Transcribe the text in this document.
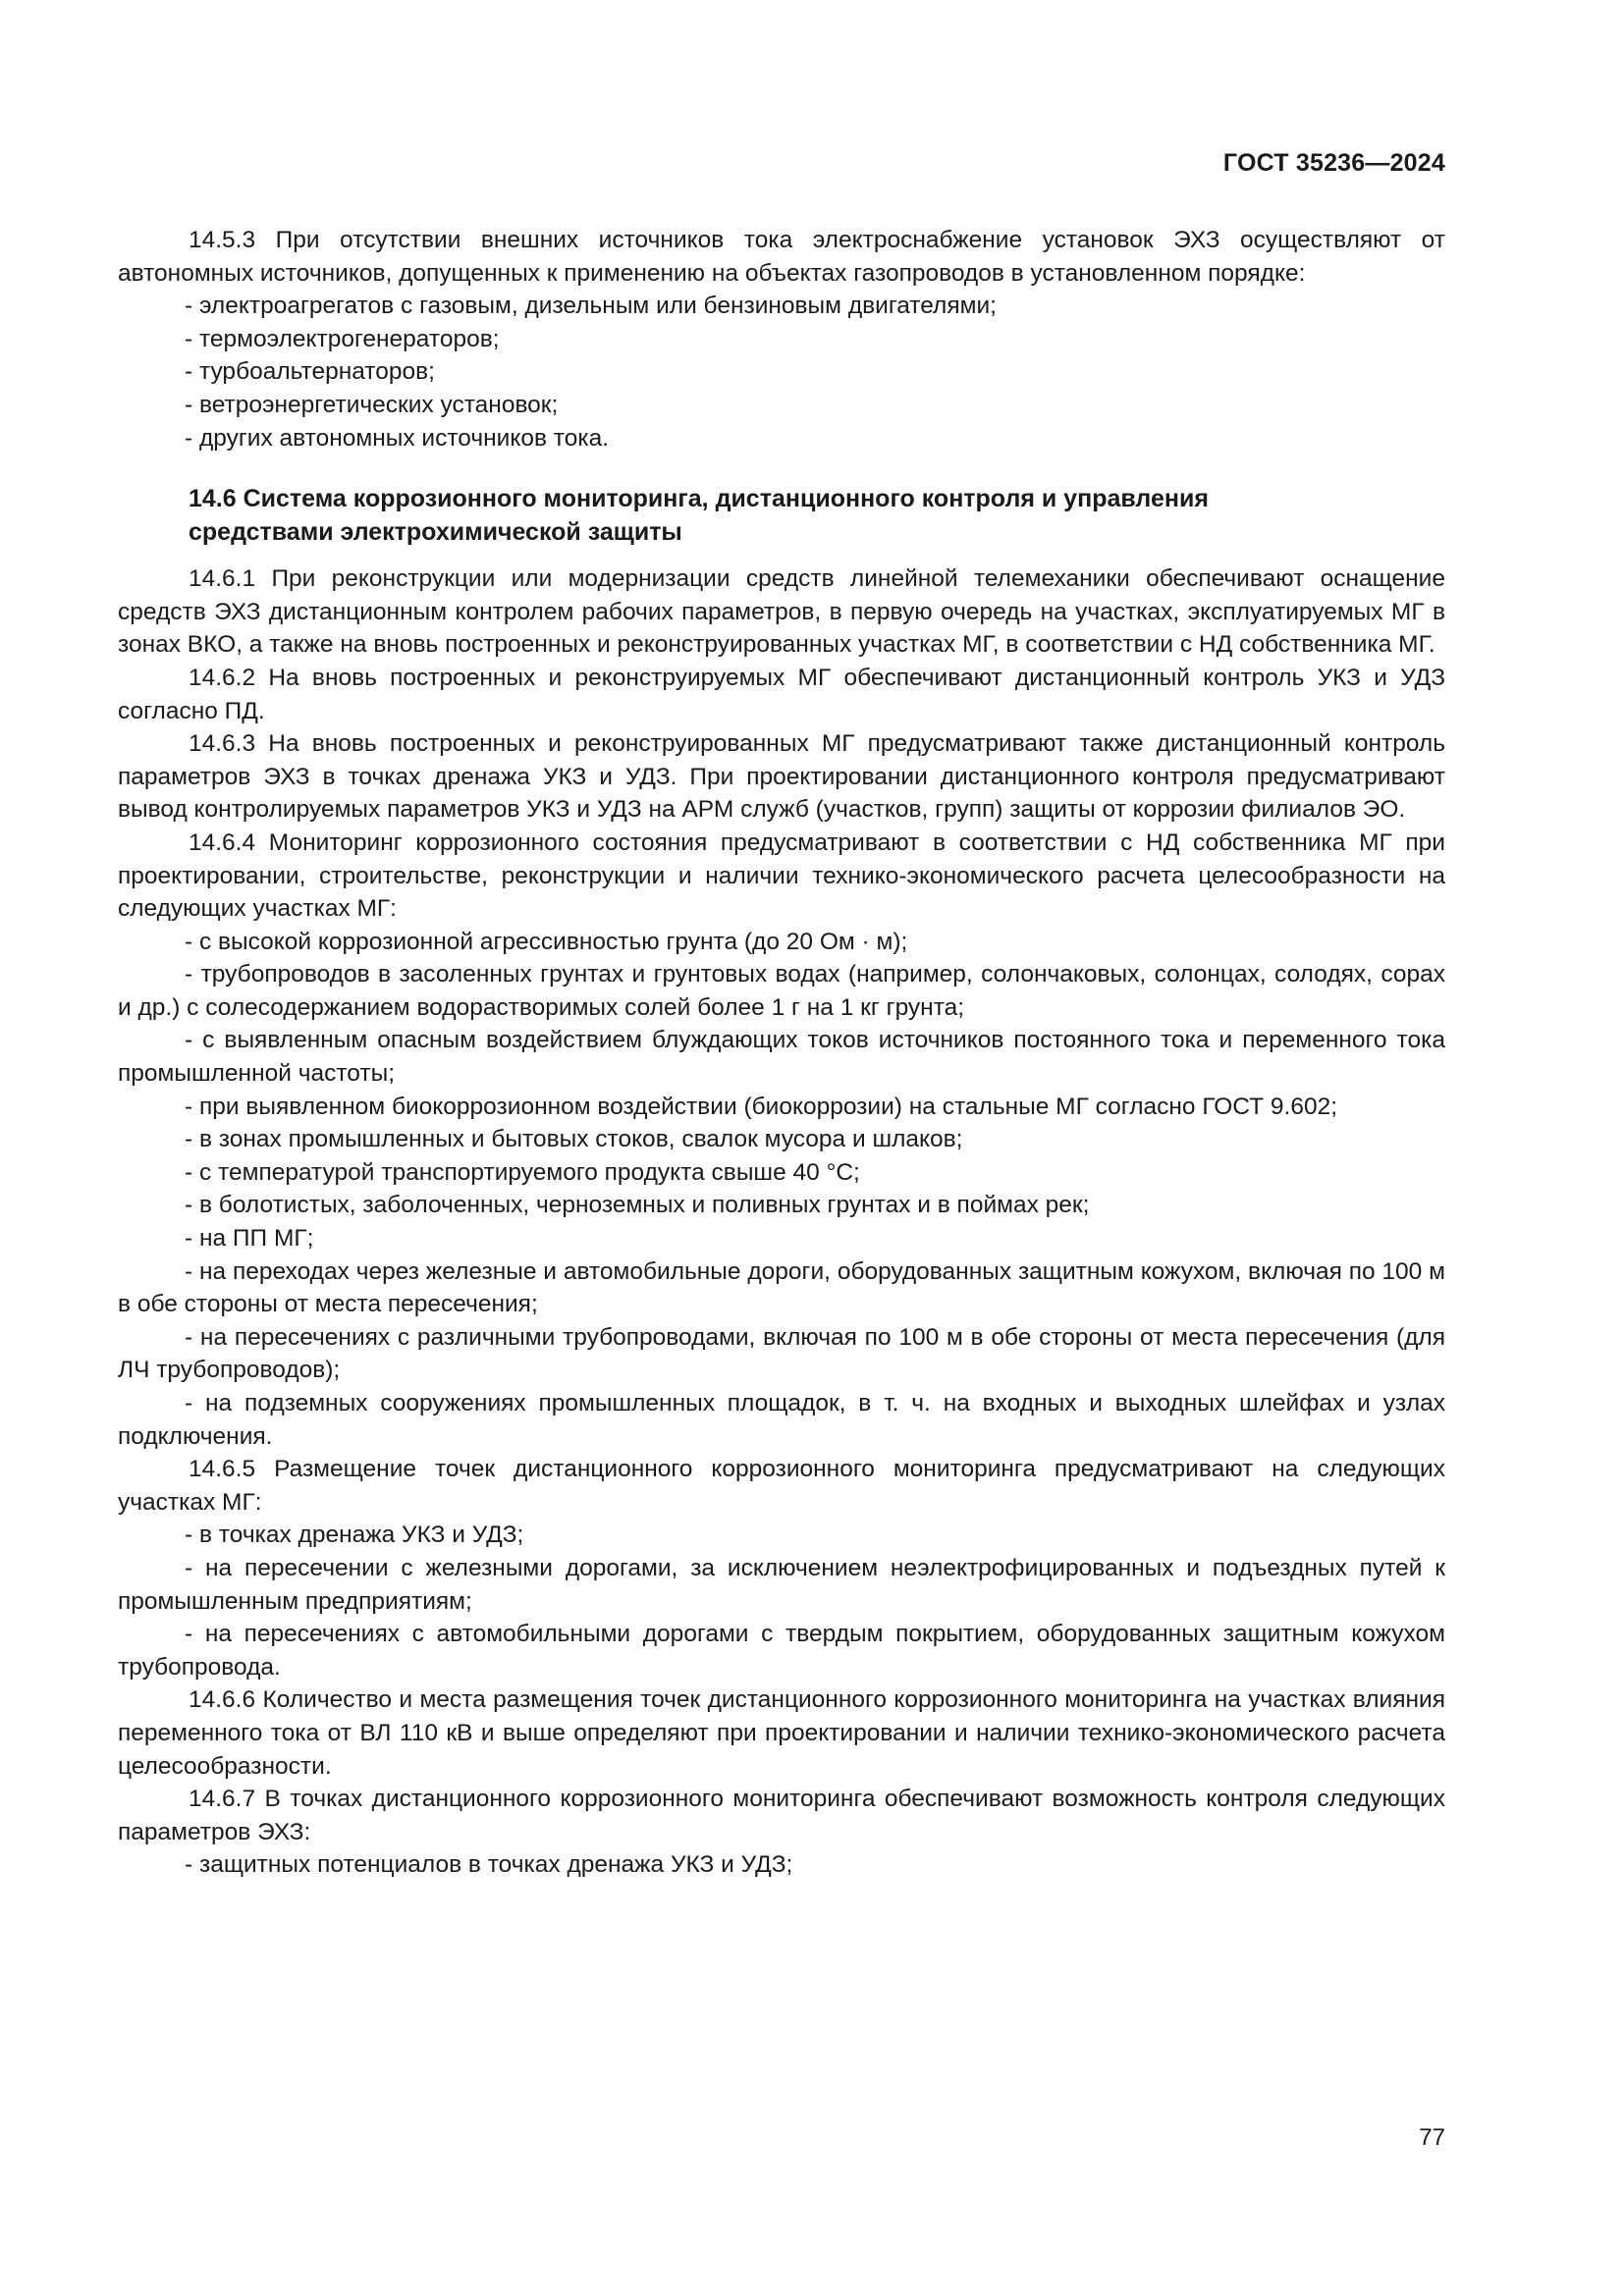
ГОСТ 35236—2024

14.5.3 При отсутствии внешних источников тока электроснабжение установок ЭХЗ осуществляют от автономных источников, допущенных к применению на объектах газопроводов в установленном порядке:

- электроагрегатов с газовым, дизельным или бензиновым двигателями;

- термоэлектрогенераторов;

- турбоальтернаторов;

- ветроэнергетических установок;

- других автономных источников тока.

14.6 Система коррозионного мониторинга, дистанционного контроля и управления
средствами электрохимической защиты

14.6.1 При реконструкции или модернизации средств линейной телемеханики обеспечивают оснащение средств ЭХЗ дистанционным контролем рабочих параметров, в первую очередь на участках, эксплуатируемых МГ в зонах ВКО, а также на вновь построенных и реконструированных участках МГ, в соответствии с НД собственника МГ.

14.6.2 На вновь построенных и реконструируемых МГ обеспечивают дистанционный контроль УКЗ и УДЗ согласно ПД.

14.6.3 На вновь построенных и реконструированных МГ предусматривают также дистанционный контроль параметров ЭХЗ в точках дренажа УКЗ и УДЗ. При проектировании дистанционного контроля предусматривают вывод контролируемых параметров УКЗ и УДЗ на АРМ служб (участков, групп) защиты от коррозии филиалов ЭО.

14.6.4 Мониторинг коррозионного состояния предусматривают в соответствии с НД собственника МГ при проектировании, строительстве, реконструкции и наличии технико-экономического расчета целесообразности на следующих участках МГ:

- с высокой коррозионной агрессивностью грунта (до 20 Ом · м);

- трубопроводов в засоленных грунтах и грунтовых водах (например, солончаковых, солонцах, солодях, сорах и др.) с солесодержанием водорастворимых солей более 1 г на 1 кг грунта;

- с выявленным опасным воздействием блуждающих токов источников постоянного тока и переменного тока промышленной частоты;

- при выявленном биокоррозионном воздействии (биокоррозии) на стальные МГ согласно ГОСТ 9.602;

- в зонах промышленных и бытовых стоков, свалок мусора и шлаков;

- с температурой транспортируемого продукта свыше 40 °С;

- в болотистых, заболоченных, черноземных и поливных грунтах и в поймах рек;

- на ПП МГ;

- на переходах через железные и автомобильные дороги, оборудованных защитным кожухом, включая по 100 м в обе стороны от места пересечения;

- на пересечениях с различными трубопроводами, включая по 100 м в обе стороны от места пересечения (для ЛЧ трубопроводов);

- на подземных сооружениях промышленных площадок, в т. ч. на входных и выходных шлейфах и узлах подключения.

14.6.5 Размещение точек дистанционного коррозионного мониторинга предусматривают на следующих участках МГ:

- в точках дренажа УКЗ и УДЗ;

- на пересечении с железными дорогами, за исключением неэлектрофицированных и подъездных путей к промышленным предприятиям;

- на пересечениях с автомобильными дорогами с твердым покрытием, оборудованных защитным кожухом трубопровода.

14.6.6 Количество и места размещения точек дистанционного коррозионного мониторинга на участках влияния переменного тока от ВЛ 110 кВ и выше определяют при проектировании и наличии технико-экономического расчета целесообразности.

14.6.7 В точках дистанционного коррозионного мониторинга обеспечивают возможность контроля следующих параметров ЭХЗ:

- защитных потенциалов в точках дренажа УКЗ и УДЗ;

77
